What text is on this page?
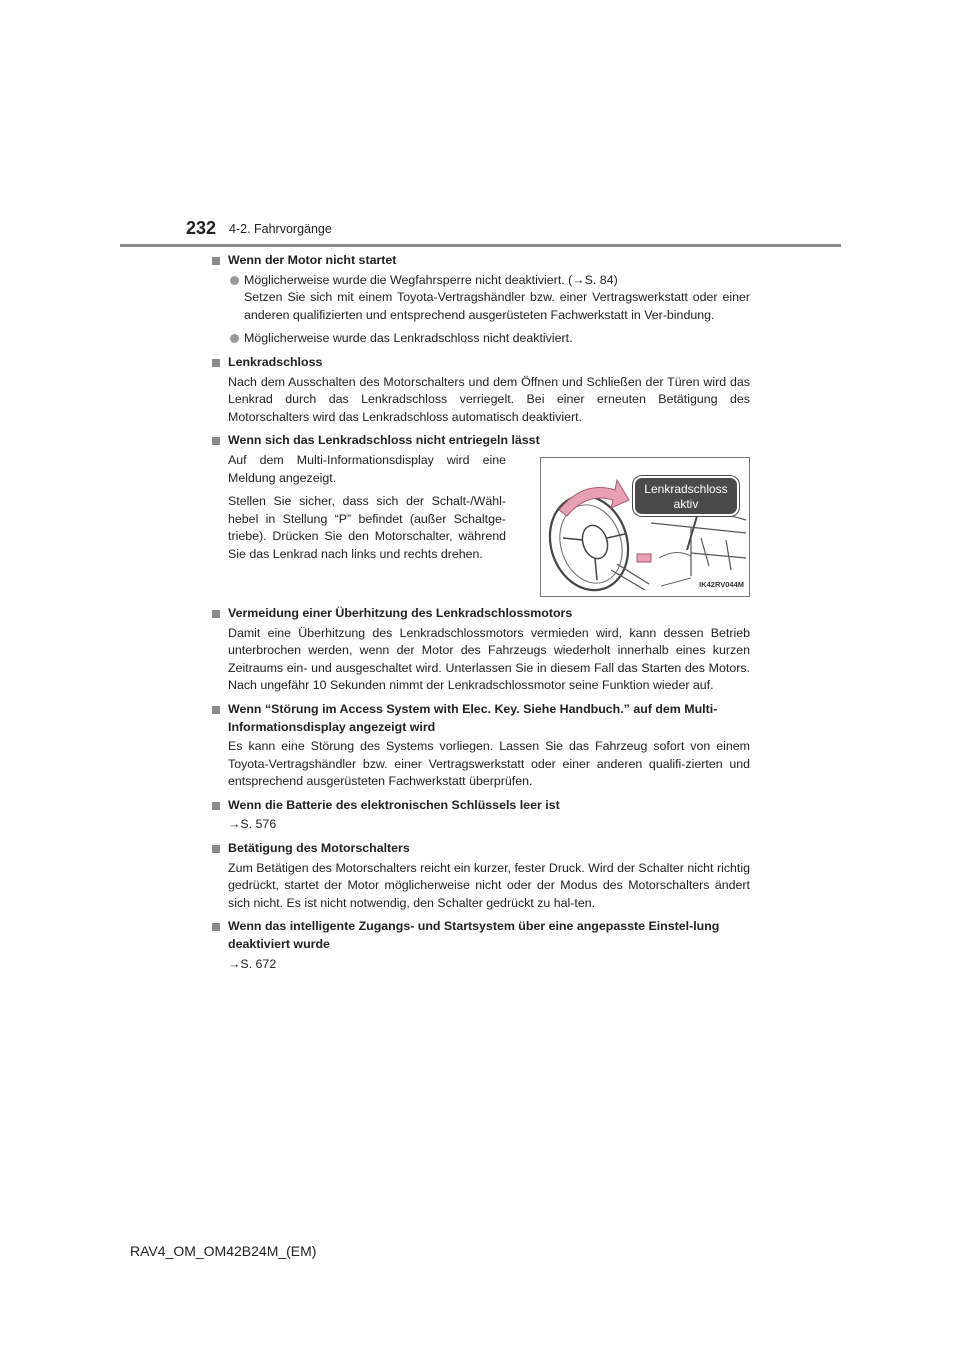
232 4-2. Fahrvorgänge
Wenn der Motor nicht startet
Möglicherweise wurde die Wegfahrsperre nicht deaktiviert. (→S. 84)
Setzen Sie sich mit einem Toyota-Vertragshändler bzw. einer Vertragswerkstatt oder einer anderen qualifizierten und entsprechend ausgerüsteten Fachwerkstatt in Ver-bindung.
Möglicherweise wurde das Lenkradschloss nicht deaktiviert.
Lenkradschloss
Nach dem Ausschalten des Motorschalters und dem Öffnen und Schließen der Türen wird das Lenkrad durch das Lenkradschloss verriegelt. Bei einer erneuten Betätigung des Motorschalters wird das Lenkradschloss automatisch deaktiviert.
Wenn sich das Lenkradschloss nicht entriegeln lässt

Auf dem Multi-Informationsdisplay wird eine Meldung angezeigt.

Stellen Sie sicher, dass sich der Schalt-/Wähl-hebel in Stellung “P” befindet (außer Schaltge-triebe). Drücken Sie den Motorschalter, während Sie das Lenkrad nach links und rechts drehen.

Lenkradschloss
aktiv
IK42RV044M
Vermeidung einer Überhitzung des Lenkradschlossmotors
Damit eine Überhitzung des Lenkradschlossmotors vermieden wird, kann dessen Betrieb unterbrochen werden, wenn der Motor des Fahrzeugs wiederholt innerhalb eines kurzen Zeitraums ein- und ausgeschaltet wird. Unterlassen Sie in diesem Fall das Starten des Motors. Nach ungefähr 10 Sekunden nimmt der Lenkradschlossmotor seine Funktion wieder auf.
Wenn “Störung im Access System with Elec. Key. Siehe Handbuch.” auf dem Multi-Informationsdisplay angezeigt wird
Es kann eine Störung des Systems vorliegen. Lassen Sie das Fahrzeug sofort von einem Toyota-Vertragshändler bzw. einer Vertragswerkstatt oder einer anderen qualifi-zierten und entsprechend ausgerüsteten Fachwerkstatt überprüfen.
Wenn die Batterie des elektronischen Schlüssels leer ist
→S. 576
Betätigung des Motorschalters
Zum Betätigen des Motorschalters reicht ein kurzer, fester Druck. Wird der Schalter nicht richtig gedrückt, startet der Motor möglicherweise nicht oder der Modus des Motorschalters ändert sich nicht. Es ist nicht notwendig, den Schalter gedrückt zu hal-ten.
Wenn das intelligente Zugangs- und Startsystem über eine angepasste Einstel-lung deaktiviert wurde
→S. 672
RAV4_OM_OM42B24M_(EM)
